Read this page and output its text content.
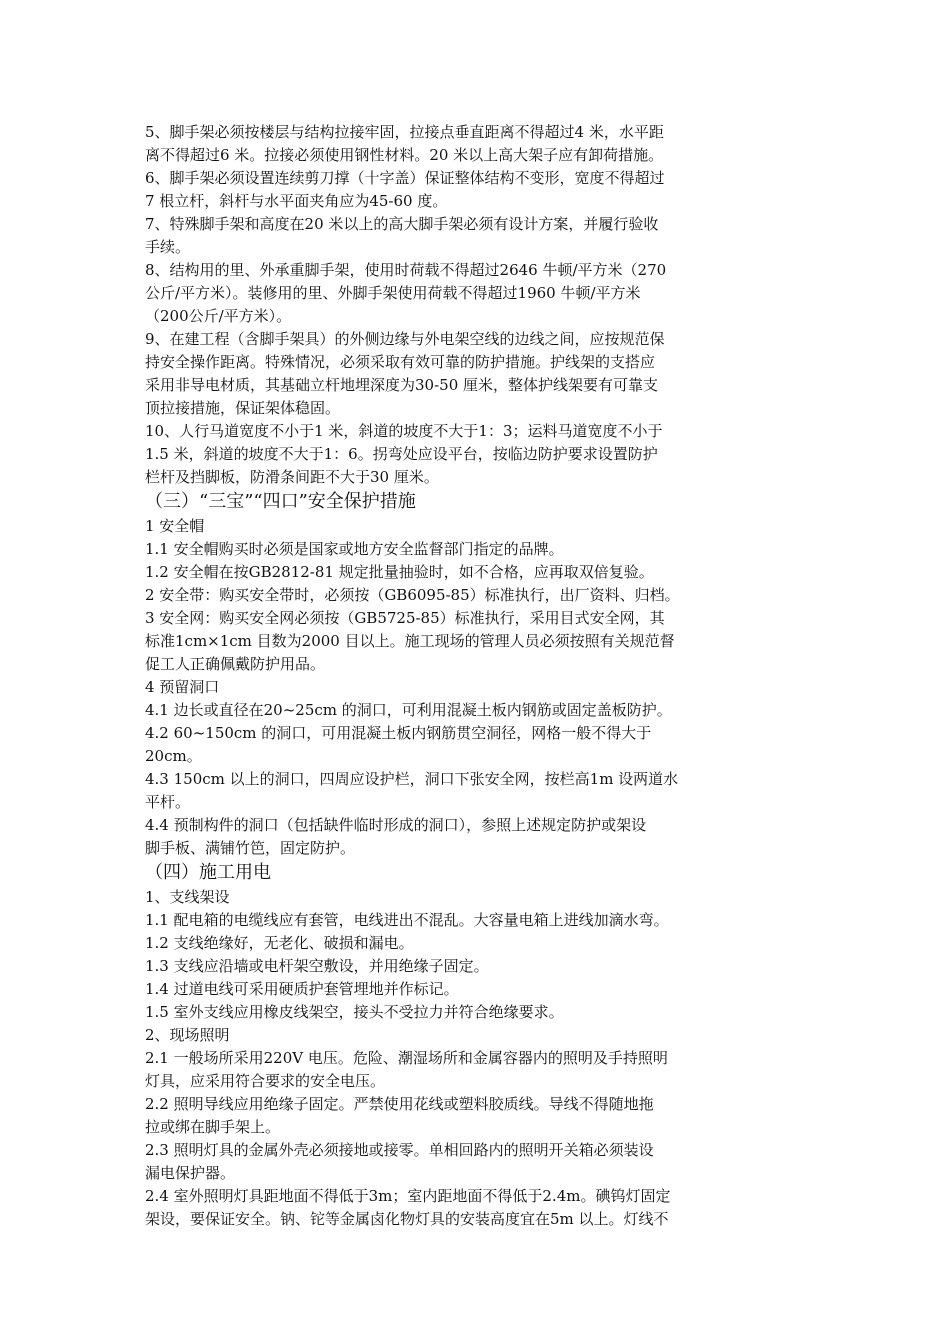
5、脚手架必须按楼层与结构拉接牢固，拉接点垂直距离不得超过4 米，水平距
离不得超过6 米。拉接必须使用钢性材料。20 米以上高大架子应有卸荷措施。
6、脚手架必须设置连续剪刀撑（十字盖）保证整体结构不变形，宽度不得超过
7 根立杆，斜杆与水平面夹角应为45-60 度。
7、特殊脚手架和高度在20 米以上的高大脚手架必须有设计方案，并履行验收
手续。
8、结构用的里、外承重脚手架，使用时荷载不得超过2646 牛顿/平方米（270
公斤/平方米）。装修用的里、外脚手架使用荷载不得超过1960 牛顿/平方米
（200公斤/平方米）。
9、在建工程（含脚手架具）的外侧边缘与外电架空线的边线之间，应按规范保
持安全操作距离。特殊情况，必须采取有效可靠的防护措施。护线架的支搭应
采用非导电材质，其基础立杆地埋深度为30-50 厘米，整体护线架要有可靠支
顶拉接措施，保证架体稳固。
10、人行马道宽度不小于1 米，斜道的坡度不大于1：3；运料马道宽度不小于
1.5 米，斜道的坡度不大于1：6。拐弯处应设平台，按临边防护要求设置防护
栏杆及挡脚板，防滑条间距不大于30 厘米。
（三）“三宝”“四口”安全保护措施
1 安全帽
1.1 安全帽购买时必须是国家或地方安全监督部门指定的品牌。
1.2 安全帽在按GB2812-81 规定批量抽验时，如不合格，应再取双倍复验。
2 安全带：购买安全带时，必须按（GB6095-85）标准执行，出厂资料、归档。
3 安全网：购买安全网必须按（GB5725-85）标准执行，采用目式安全网，其
标准1cm×1cm 目数为2000 目以上。施工现场的管理人员必须按照有关规范督
促工人正确佩戴防护用品。
4 预留洞口
4.1 边长或直径在20~25cm 的洞口，可利用混凝土板内钢筋或固定盖板防护。
4.2 60~150cm 的洞口，可用混凝土板内钢筋贯空洞径，网格一般不得大于
20cm。
4.3 150cm 以上的洞口，四周应设护栏，洞口下张安全网，按栏高1m 设两道水
平杆。
4.4 预制构件的洞口（包括缺件临时形成的洞口），参照上述规定防护或架设
脚手板、满铺竹笆，固定防护。
（四）施工用电
1、支线架设
1.1 配电箱的电缆线应有套管，电线进出不混乱。大容量电箱上进线加滴水弯。
1.2 支线绝缘好，无老化、破损和漏电。
1.3 支线应沿墙或电杆架空敷设，并用绝缘子固定。
1.4 过道电线可采用硬质护套管埋地并作标记。
1.5 室外支线应用橡皮线架空，接头不受拉力并符合绝缘要求。
2、现场照明
2.1 一般场所采用220V 电压。危险、潮湿场所和金属容器内的照明及手持照明
灯具，应采用符合要求的安全电压。
2.2 照明导线应用绝缘子固定。严禁使用花线或塑料胶质线。导线不得随地拖
拉或绑在脚手架上。
2.3 照明灯具的金属外壳必须接地或接零。单相回路内的照明开关箱必须装设
漏电保护器。
2.4 室外照明灯具距地面不得低于3m；室内距地面不得低于2.4m。碘钨灯固定
架设，要保证安全。钠、铊等金属卤化物灯具的安装高度宜在5m 以上。灯线不
